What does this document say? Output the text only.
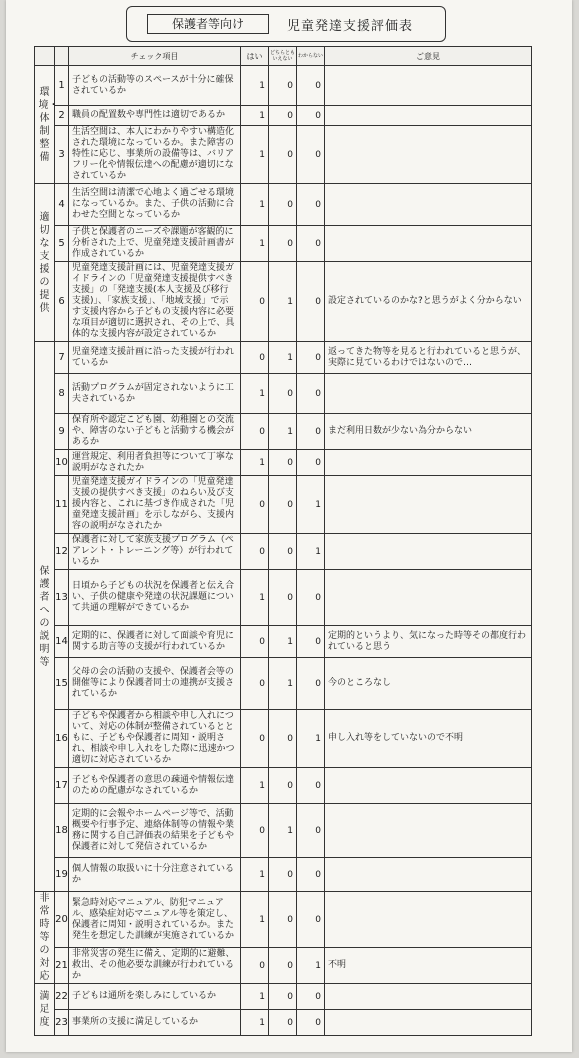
保護者等向け	児童発達支援評価表
		チェック項目	はい	どちらともいえない	わからない	ご意見
環境・体制整備	1	子どもの活動等のスペースが十分に確保されているか	1	0	0	
	2	職員の配置数や専門性は適切であるか	1	0	0	
	3	生活空間は、本人にわかりやすい構造化された環境になっているか。また障害の特性に応じ、事業所の設備等は、バリアフリー化や情報伝達への配慮が適切になされているか	1	0	0	
適切な支援の提供	4	生活空間は清潔で心地よく過ごせる環境になっているか。また、子供の活動に合わせた空間となっているか	1	0	0	
	5	子供と保護者のニーズや課題が客観的に分析された上で、児童発達支援計画書が作成されているか	1	0	0	
	6	児童発達支援計画には、児童発達支援ガイドラインの「児童発達支援提供すべき支援」の「発達支援(本人支援及び移行支援)」、「家族支援」、「地域支援」で示す支援内容から子どもの支援内容に必要な項目が適切に選択され、その上で、具体的な支援内容が設定されているか	0	1	0	設定されているのかな?と思うがよく分からない
保護者への説明等	7	児童発達支援計画に沿った支援が行われているか	0	1	0	返ってきた物等を見ると行われていると思うが、実際に見ているわけではないので…
	8	活動プログラムが固定されないように工夫されているか	1	0	0	
	9	保育所や認定こども園、幼稚園との交流や、障害のない子どもと活動する機会があるか	0	1	0	まだ利用日数が少ない為分からない
	10	運営規定、利用者負担等について丁寧な説明がなされたか	1	0	0	
	11	児童発達支援ガイドラインの「児童発達支援の提供すべき支援」のねらい及び支援内容と、これに基づき作成された「児童発達支援計画」を示しながら、支援内容の説明がなされたか	0	0	1	
	12	保護者に対して家族支援プログラム（ペアレント・トレーニング等）が行われているか	0	0	1	
	13	日頃から子どもの状況を保護者と伝え合い、子供の健康や発達の状況課題について共通の理解ができているか	1	0	0	
	14	定期的に、保護者に対して面談や育児に関する助言等の支援が行われているか	0	1	0	定期的というより、気になった時等その都度行われていると思う
	15	父母の会の活動の支援や、保護者会等の開催等により保護者同士の連携が支援されているか	0	1	0	今のところなし
	16	子どもや保護者から相談や申し入れについて、対応の体制が整備されているとともに、子どもや保護者に周知・説明され、相談や申し入れをした際に迅速かつ適切に対応されているか	0	0	1	申し入れ等をしていないので不明
	17	子どもや保護者の意思の疎通や情報伝達のための配慮がなされているか	1	0	0	
	18	定期的に会報やホームページ等で、活動概要や行事予定、連絡体制等の情報や業務に関する自己評価表の結果を子どもや保護者に対して発信されているか	0	1	0	
	19	個人情報の取扱いに十分注意されているか	1	0	0	
非常時等の対応	20	緊急時対応マニュアル、防犯マニュアル、感染症対応マニュアル等を策定し、保護者に周知・説明されているか。また発生を想定した訓練が実施されているか	1	0	0	
	21	非常災害の発生に備え、定期的に避難、救出、その他必要な訓練が行われているか	0	0	1	不明
満足度	22	子どもは通所を楽しみにしているか	1	0	0	
	23	事業所の支援に満足しているか	1	0	0	
